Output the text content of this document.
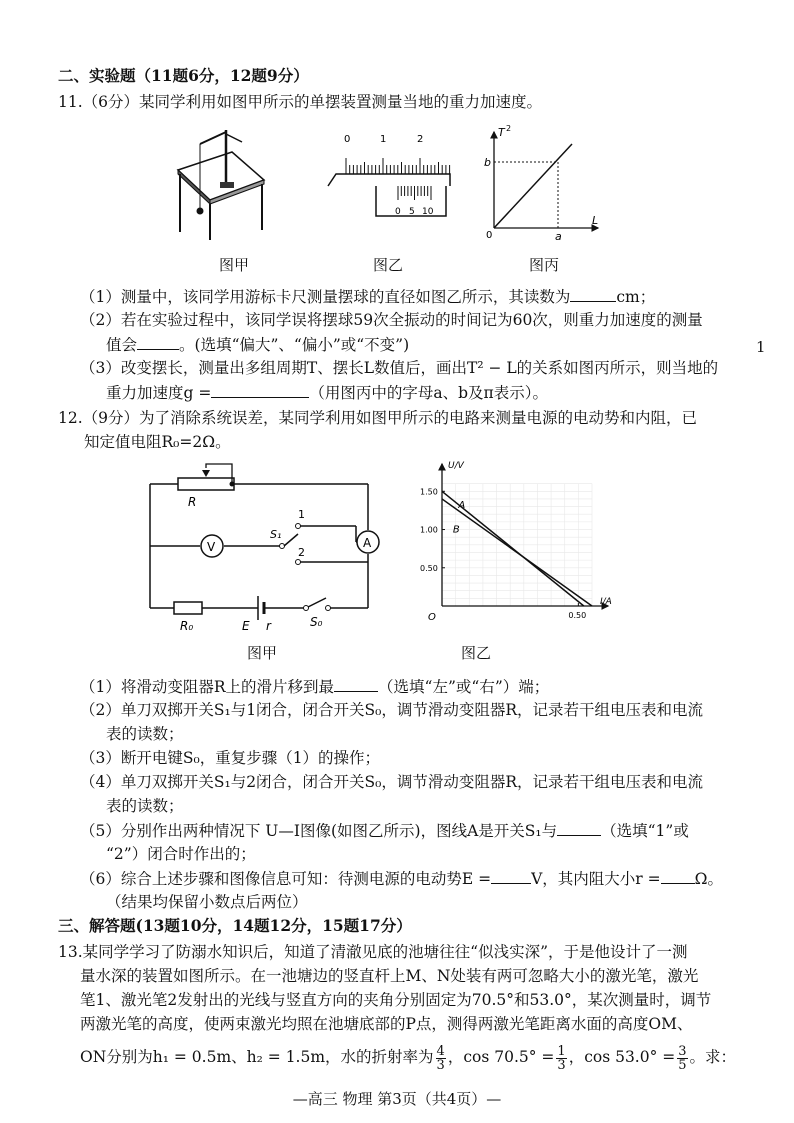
二、实验题（11题6分，12题9分）
11.（6分）某同学利用如图甲所示的单摆装置测量当地的重力加速度。
图甲
0	1	2
0 5 10
图乙
T 2
L
b
a
0
图丙
（1）测量中，该同学用游标卡尺测量摆球的直径如图乙所示，其读数为	cm；
（2）若在实验过程中，该同学误将摆球59次全振动的时间记为60次，则重力加速度的测量
值会	。(选填“偏大”、“偏小”或“不变”)	1
（3）改变摆长，测量出多组周期T、摆长L数值后，画出T² − L的关系如图丙所示，则当地的
重力加速度g =	（用图丙中的字母a、b及π表示）。
12.（9分）为了消除系统误差，某同学利用如图甲所示的电路来测量电源的电动势和内阻，已
知定值电阻R₀=2Ω。
R
A
V
S₁
1
2
R₀	E r	S₀
图甲
A
B
1.50
1.00
0.50
0.50
U/V
I/A
O
图乙
（1）将滑动变阻器R上的滑片移到最	（选填“左”或“右”）端；
（2）单刀双掷开关S₁与1闭合，闭合开关S₀，调节滑动变阻器R，记录若干组电压表和电流
表的读数；
（3）断开电键S₀，重复步骤（1）的操作；
（4）单刀双掷开关S₁与2闭合，闭合开关S₀，调节滑动变阻器R，记录若干组电压表和电流
表的读数；
（5）分别作出两种情况下 U—I图像(如图乙所示)，图线A是开关S₁与	（选填“1”或
“2”）闭合时作出的；
（6）综合上述步骤和图像信息可知：待测电源的电动势E =	V，其内阻大小r = Ω。
（结果均保留小数点后两位）
三、解答题(13题10分，14题12分，15题17分）
13.某同学学习了防溺水知识后，知道了清澈见底的池塘往往“似浅实深”，于是他设计了一测
量水深的装置如图所示。在一池塘边的竖直杆上M、N处装有两可忽略大小的激光笔，激光
笔1、激光笔2发射出的光线与竖直方向的夹角分别固定为70.5°和53.0°，某次测量时，调节
两激光笔的高度，使两束激光均照在池塘底部的P点，测得两激光笔距离水面的高度OM、
ON分别为h₁ = 0.5m、h₂ = 1.5m，水的折射率为 $\frac{4}{3}$ ，$\cos 70.5^\circ = \frac{1}{3}$ ，$\cos 53.0^\circ = \frac{3}{5}$ 。求：
—高三 物理 第3页（共4页）—
